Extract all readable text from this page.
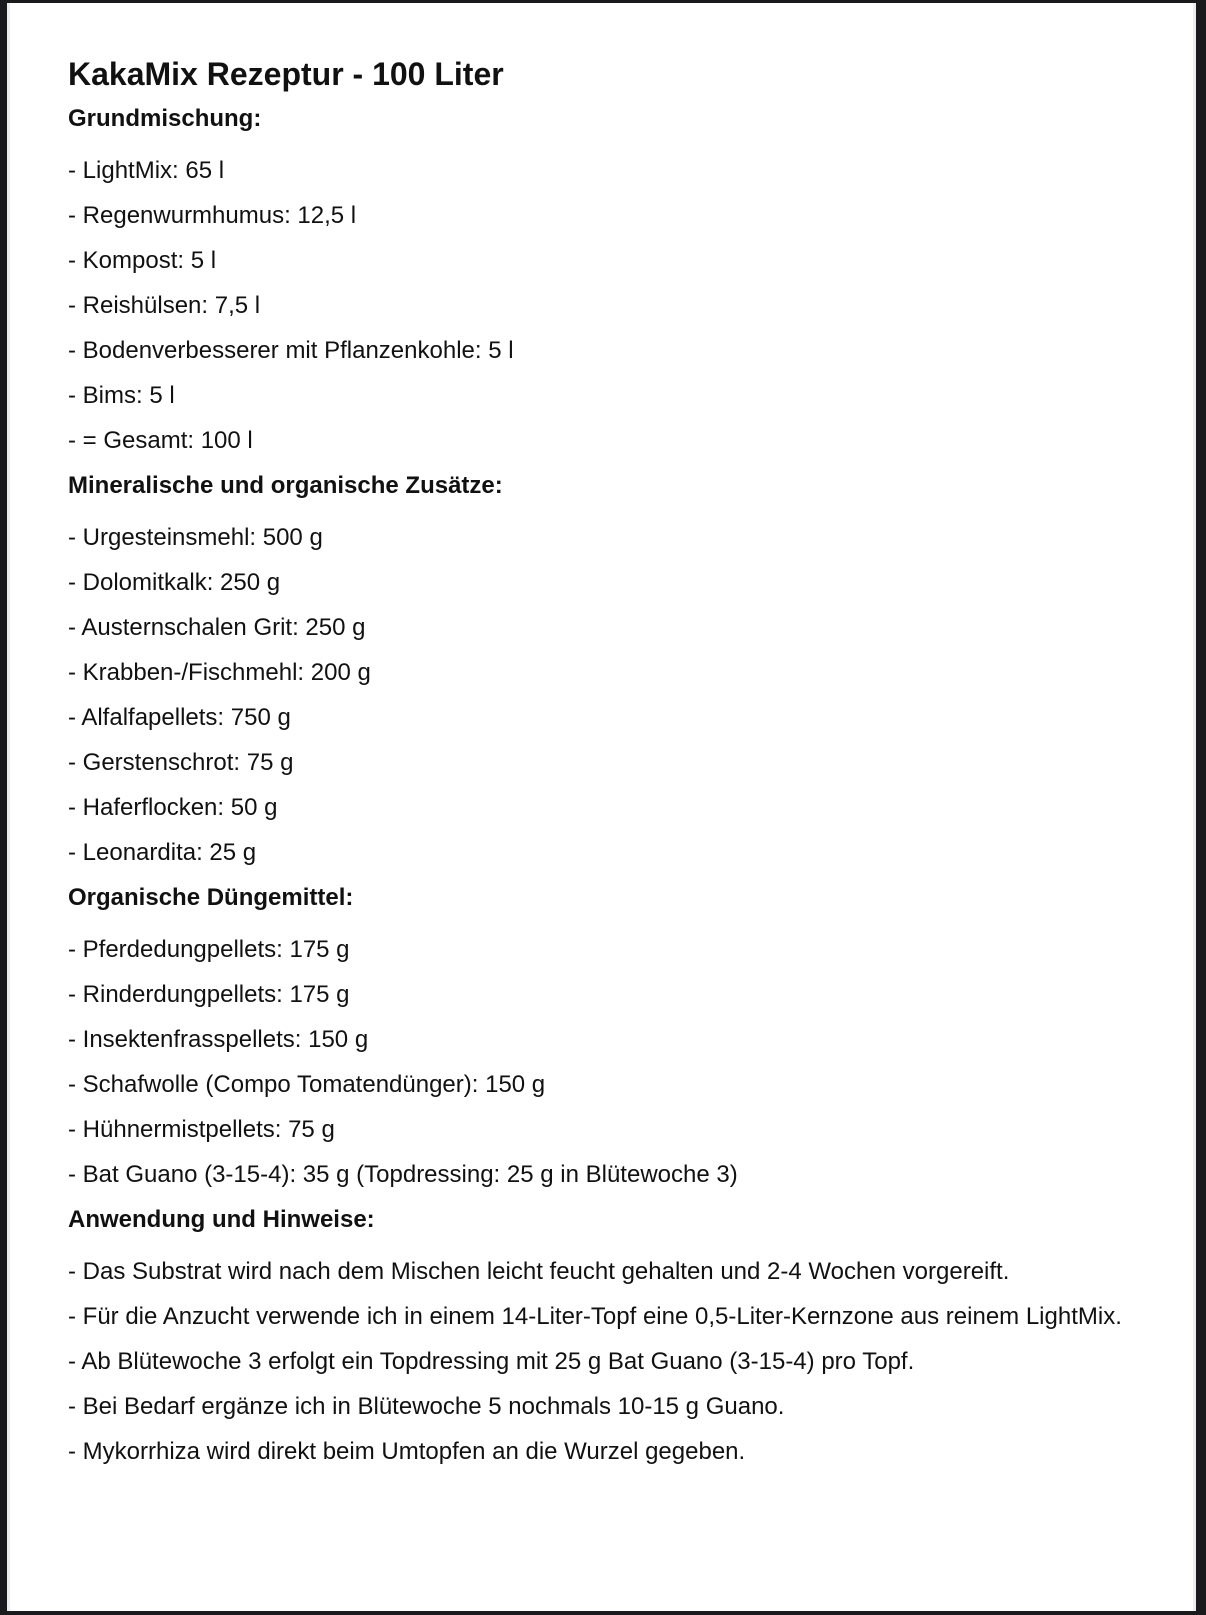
KakaMix Rezeptur - 100 Liter
Grundmischung:

- LightMix: 65 l

- Regenwurmhumus: 12,5 l

- Kompost: 5 l

- Reishülsen: 7,5 l

- Bodenverbesserer mit Pflanzenkohle: 5 l

- Bims: 5 l

- = Gesamt: 100 l

Mineralische und organische Zusätze:

- Urgesteinsmehl: 500 g

- Dolomitkalk: 250 g

- Austernschalen Grit: 250 g

- Krabben-/Fischmehl: 200 g

- Alfalfapellets: 750 g

- Gerstenschrot: 75 g

- Haferflocken: 50 g

- Leonardita: 25 g

Organische Düngemittel:

- Pferdedungpellets: 175 g

- Rinderdungpellets: 175 g

- Insektenfrasspellets: 150 g

- Schafwolle (Compo Tomatendünger): 150 g

- Hühnermistpellets: 75 g

- Bat Guano (3-15-4): 35 g (Topdressing: 25 g in Blütewoche 3)

Anwendung und Hinweise:

- Das Substrat wird nach dem Mischen leicht feucht gehalten und 2-4 Wochen vorgereift.

- Für die Anzucht verwende ich in einem 14-Liter-Topf eine 0,5-Liter-Kernzone aus reinem LightMix.

- Ab Blütewoche 3 erfolgt ein Topdressing mit 25 g Bat Guano (3-15-4) pro Topf.

- Bei Bedarf ergänze ich in Blütewoche 5 nochmals 10-15 g Guano.

- Mykorrhiza wird direkt beim Umtopfen an die Wurzel gegeben.
